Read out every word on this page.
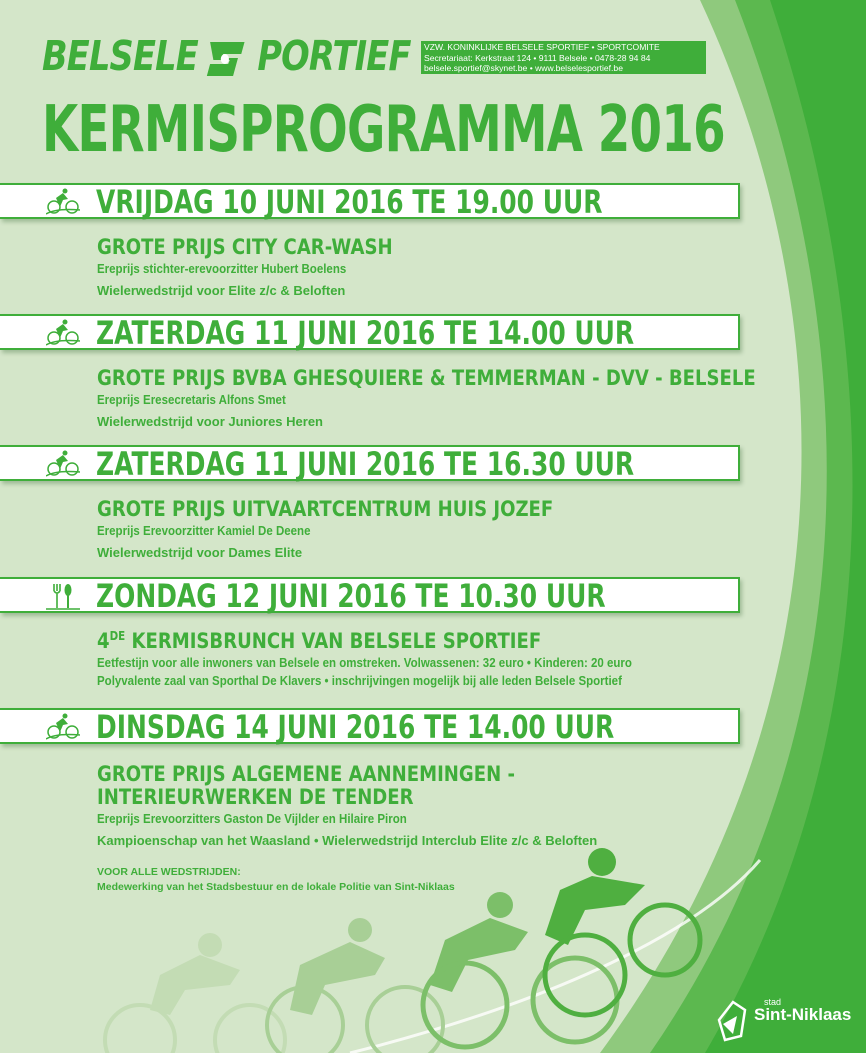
BELSELE PORTIEF VZW. KONINKLIJKE BELSELE SPORTIEF • SPORTCOMITE
Secretariaat: Kerkstraat 124 • 9111 Belsele • 0478-28 94 84
belsele.sportief@skynet.be • www.belselesportief.be
KERMISPROGRAMMA 2016
VRIJDAG 10 JUNI 2016 TE 19.00 UUR
GROTE PRIJS CITY CAR-WASH
Ereprijs stichter-erevoorzitter Hubert Boelens
Wielerwedstrijd voor Elite z/c & Beloften
ZATERDAG 11 JUNI 2016 TE 14.00 UUR
GROTE PRIJS BVBA GHESQUIERE & TEMMERMAN - DVV - BELSELE
Ereprijs Eresecretaris Alfons Smet
Wielerwedstrijd voor Juniores Heren
ZATERDAG 11 JUNI 2016 TE 16.30 UUR
GROTE PRIJS UITVAARTCENTRUM HUIS JOZEF
Ereprijs Erevoorzitter Kamiel De Deene
Wielerwedstrijd voor Dames Elite
ZONDAG 12 JUNI 2016 TE 10.30 UUR
4DE KERMISBRUNCH VAN BELSELE SPORTIEF
Eetfestijn voor alle inwoners van Belsele en omstreken. Volwassenen: 32 euro • Kinderen: 20 euro
Polyvalente zaal van Sporthal De Klavers • inschrijvingen mogelijk bij alle leden Belsele Sportief
DINSDAG 14 JUNI 2016 TE 14.00 UUR
GROTE PRIJS ALGEMENE AANNEMINGEN -
INTERIEURWERKEN DE TENDER
Ereprijs Erevoorzitters Gaston De Vijlder en Hilaire Piron
Kampioenschap van het Waasland • Wielerwedstrijd Interclub Elite z/c & Beloften
VOOR ALLE WEDSTRIJDEN:
Medewerking van het Stadsbestuur en de lokale Politie van Sint-Niklaas
stad
Sint-Niklaas
